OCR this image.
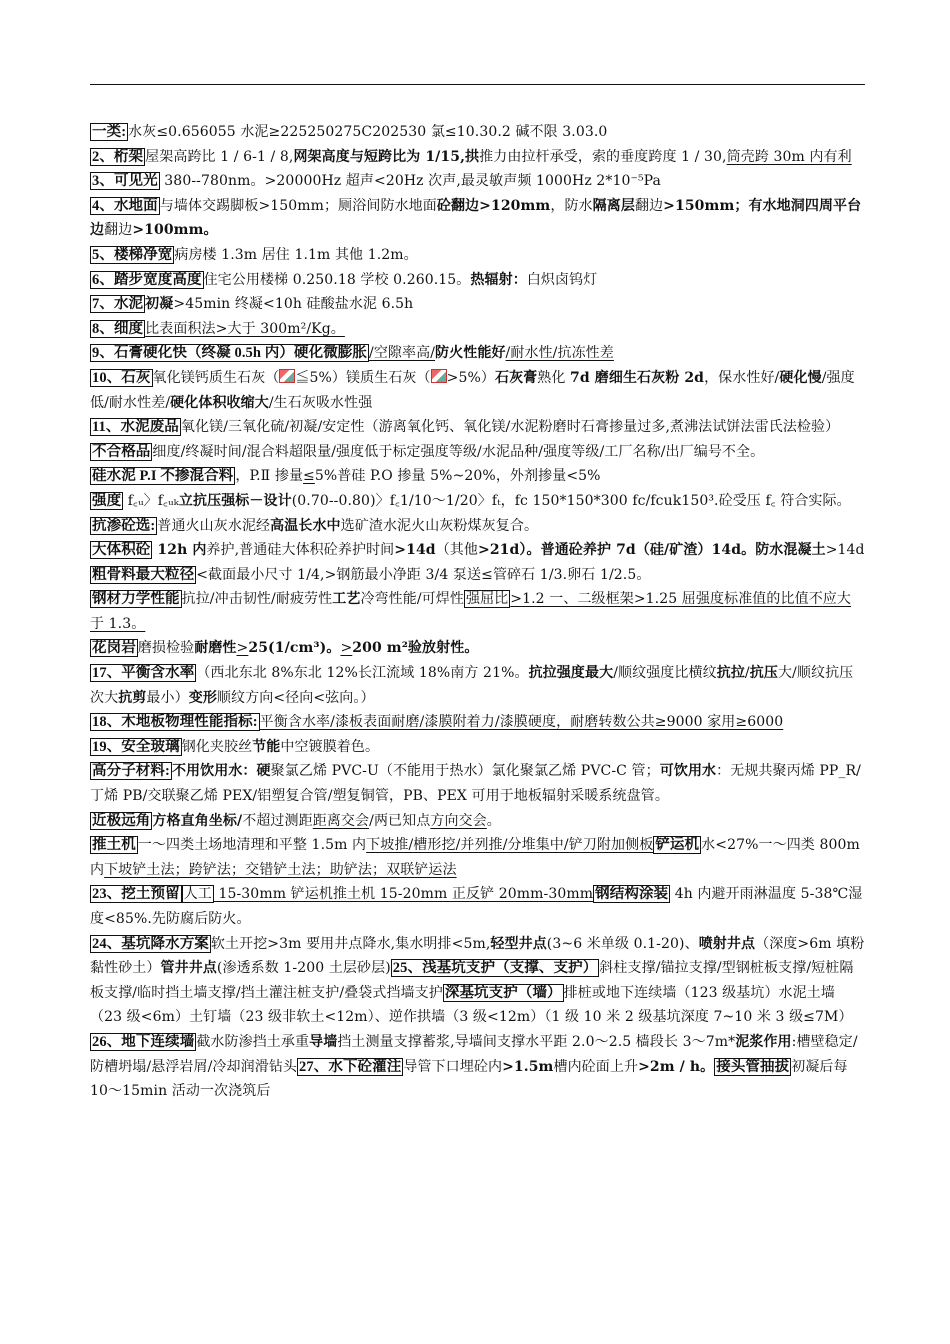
一类: 水灰≤0.656055 水泥≥225250275C202530 氯≤10.30.2 碱不限 3.03.0

2、桁架 屋架高跨比 1 / 6-1 / 8,网架高度与短跨比为 1/15,拱推力由拉杆承受，索的垂度跨度 1 / 30,筒壳跨 30m 内有利

3、可见光 380--780nm。>20000Hz 超声<20Hz 次声,最灵敏声频 1000Hz 2*10⁻⁵Pa

4、水地面 与墙体交踢脚板>150mm；厕浴间防水地面砼翻边>120mm，防水隔离层翻边>150mm；有水地洞四周平台边翻边>100mm。

5、楼梯净宽 病房楼 1.3m 居住 1.1m 其他 1.2m。

6、踏步宽度高度 住宅公用楼梯 0.250.18 学校 0.260.15。热辐射：白炽卤钨灯

7、水泥 初凝>45min 终凝<10h 硅酸盐水泥 6.5h

8、细度 比表面积法>大于 300m²/Kg。

9、石膏硬化快（终凝 0.5h 内）硬化微膨胀 /空隙率高/防火性能好/耐水性/抗冻性差

10、石灰 氧化镁钙质生石灰（ ≦5%）镁质生石灰（ >5%）石灰膏熟化 7d 磨细生石灰粉 2d，保水性好/硬化慢/强度低/耐水性差/硬化体积收缩大/生石灰吸水性强

11、水泥废品 氧化镁/三氧化硫/初凝/安定性（游离氧化钙、氧化镁/水泥粉磨时石膏掺量过多,煮沸法试饼法雷氏法检验）

不合格品 细度/终凝时间/混合料超限量/强度低于标定强度等级/水泥品种/强度等级/工厂名称/出厂编号不全。

硅水泥 P.I 不掺混合料 ，P.Ⅱ 掺量≤5%普硅 P.O 掺量 5%~20%，外剂掺量<5%

强度 f꜀ᵤ〉f꜀ᵤₖ立抗压强标－设计(0.70--0.80)〉f꜀1/10～1/20〉fₜ，fc 150*150*300 fc/fcuk150³.砼受压 f꜀ 符合实际。

抗渗砼选: 普通火山灰水泥经高温长水中选矿渣水泥火山灰粉煤灰复合。

大体积砼 12h 内养护,普通硅大体积砼养护时间>14d（其他>21d）。普通砼养护 7d（硅/矿渣）14d。防水混凝土>14d

粗骨料最大粒径 <截面最小尺寸 1/4,>钢筋最小净距 3/4 泵送≤管碎石 1/3.卵石 1/2.5。

钢材力学性能 抗拉/冲击韧性/耐疲劳性工艺冷弯性能/可焊性 强屈比 >1.2 一、二级框架>1.25 屈强度标准值的比值不应大于 1.3。

花岗岩 磨损检验耐磨性>25(1/cm³)。>200 m²验放射性。

17、平衡含水率 （西北东北 8%东北 12%长江流域 18%南方 21%。抗拉强度最大/顺纹强度比横纹抗拉/抗压大/顺纹抗压次大抗剪最小）变形顺纹方向<径向<弦向。）

18、木地板物理性能指标: 平衡含水率/漆板表面耐磨/漆膜附着力/漆膜硬度，耐磨转数公共≥9000 家用≥6000

19、安全玻璃 钢化夹胶丝节能中空镀膜着色。

高分子材料: 不用饮用水：硬聚氯乙烯 PVC-U（不能用于热水）氯化聚氯乙烯 PVC-C 管；可饮用水：无规共聚丙烯 PP_R/丁烯 PB/交联聚乙烯 PEX/铝塑复合管/塑复铜管，PB、PEX 可用于地板辐射采暖系统盘管。

近极远角 方格直角坐标/不超过测距距离交会/两已知点方向交会。

推土机 一～四类土场地清理和平整 1.5m 内下坡推/槽形挖/并列推/分堆集中/铲刀附加侧板 铲运机 水<27%一～四类 800m 内下坡铲土法；跨铲法；交错铲土法；助铲法；双联铲运法

23、挖土预留 人工 15-30mm 铲运机推土机 15-20mm 正反铲 20mm-30mm 钢结构涂装 4h 内避开雨淋温度 5-38℃湿度<85%.先防腐后防火。

24、基坑降水方案 软土开挖>3m 要用井点降水,集水明排<5m,轻型井点(3~6 米单级 0.1-20)、喷射井点（深度>6m 填粉黏性砂土）管井井点(渗透系数 1-200 土层砂层) 25、浅基坑支护（支撑、支护） 斜柱支撑/锚拉支撑/型钢桩板支撑/短桩隔板支撑/临时挡土墙支撑/挡土灌注桩支护/叠袋式挡墙支护 深基坑支护（墙） 排桩或地下连续墙（123 级基坑）水泥土墙（23 级<6m）土钉墙（23 级非软土<12m）、逆作拱墙（3 级<12m）（1 级 10 米 2 级基坑深度 7~10 米 3 级≤7M）26、地下连续墙 截水防渗挡土承重导墙挡土测量支撑蓄浆,导墙间支撑水平距 2.0～2.5 樯段长 3～7m*泥浆作用:槽壁稳定/防槽坍塌/悬浮岩屑/冷却润滑钻头 27、水下砼灌注 导管下口埋砼内>1.5m槽内砼面上升>2m / h。 接头管抽拔 初凝后每 10～15min 活动一次浇筑后
